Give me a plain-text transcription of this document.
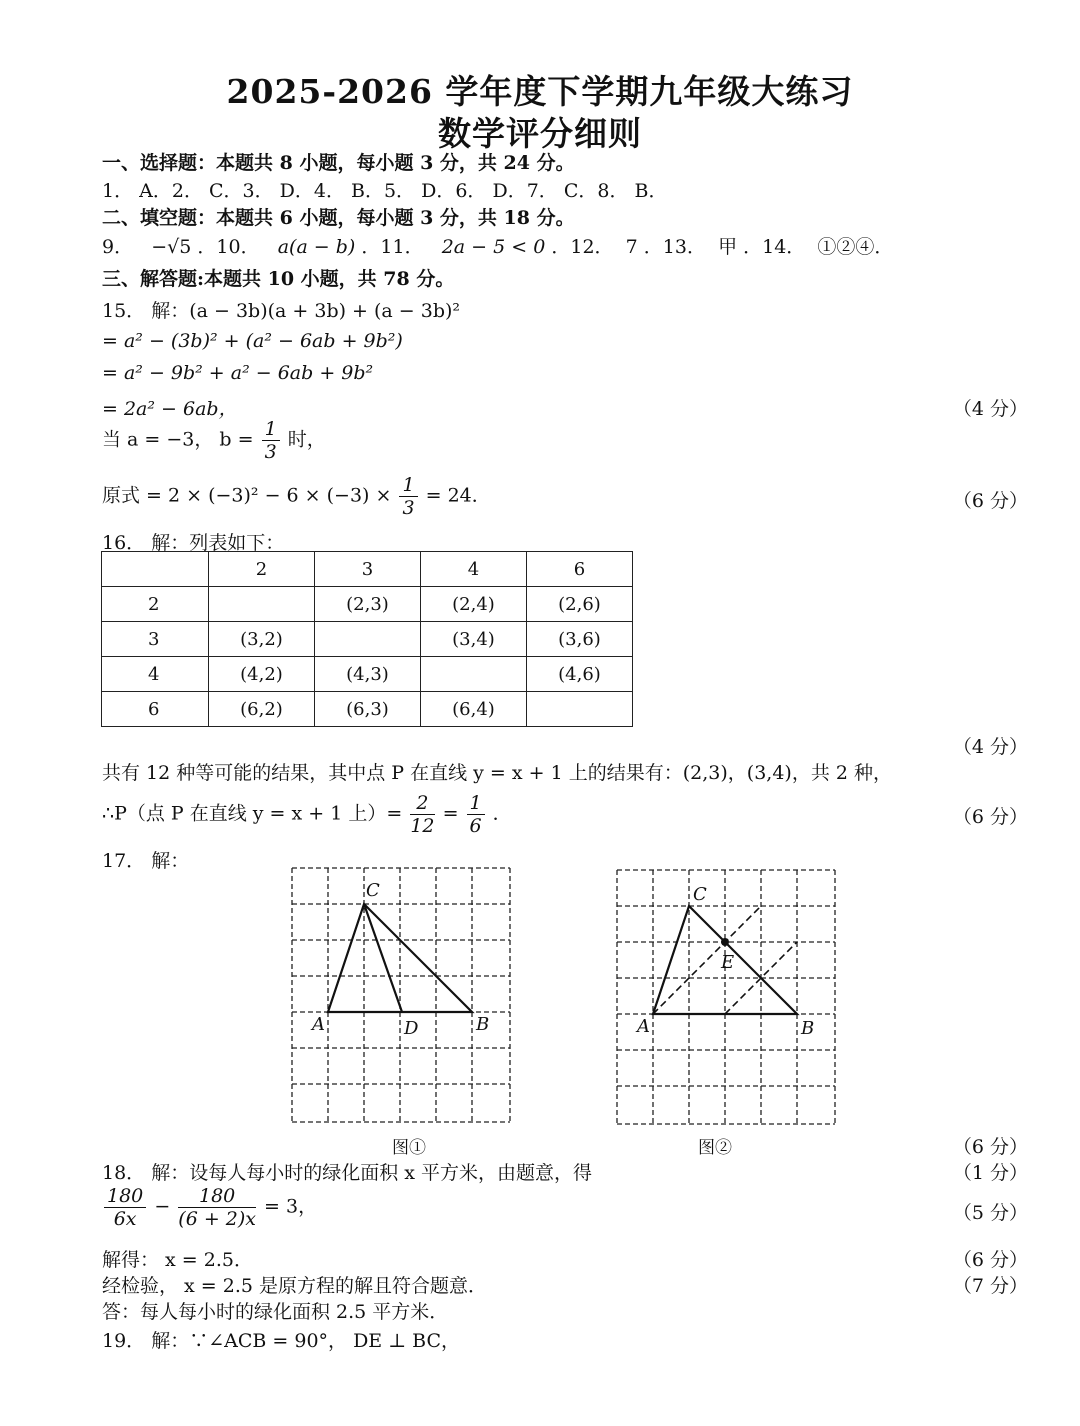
2025-2026 学年度下学期九年级大练习
数学评分细则
一、选择题：本题共 8 小题，每小题 3 分，共 24 分。
1． A．2． C．3． D．4． B．5． D．6． D．7． C．8． B．
二、填空题：本题共 6 小题，每小题 3 分，共 18 分。
9． −√5 ．10． a(a − b) ．11． 2a − 5 < 0 ．12． 7 ．13． 甲 ．14． ①②④．
三、解答题:本题共 10 小题，共 78 分。
15． 解：(a − 3b)(a + 3b) + (a − 3b)²
= a² − (3b)² + (a² − 6ab + 9b²)
= a² − 9b² + a² − 6ab + 9b²
= 2a² − 6ab，	（4 分）
当 a = −3， $b = \frac{1}{3}$ 时，
原式 = $2 \times (-3)^2 - 6 \times (-3) \times \frac{1}{3} = 24$．	（6 分）
16． 解：列表如下：
	2	3	4	6
2		(2,3)	(2,4)	(2,6)
3	(3,2)		(3,4)	(3,6)
4	(4,2)	(4,3)		(4,6)
6	(6,2)	(6,3)	(6,4)	
（4 分）
共有 12 种等可能的结果，其中点 P 在直线 y = x + 1 上的结果有：(2,3)，(3,4)，共 2 种，
∴P（点 P 在直线 y = x + 1 上）= $\frac{2}{12} = \frac{1}{6}$ ．	（6 分）
17． 解：
C
A	D	B
图①
C
A
E
B
图②	（6 分）
18． 解：设每人每小时的绿化面积 x 平方米，由题意，得	（1 分）
$\frac{180}{6x} - \frac{180}{(6 + 2)x} = 3$，	（5 分）
解得： x = 2.5．	（6 分）
经检验， x = 2.5 是原方程的解且符合题意．	（7 分）
答：每人每小时的绿化面积 2.5 平方米．
19． 解：∵∠ACB = 90°， DE ⊥ BC，
